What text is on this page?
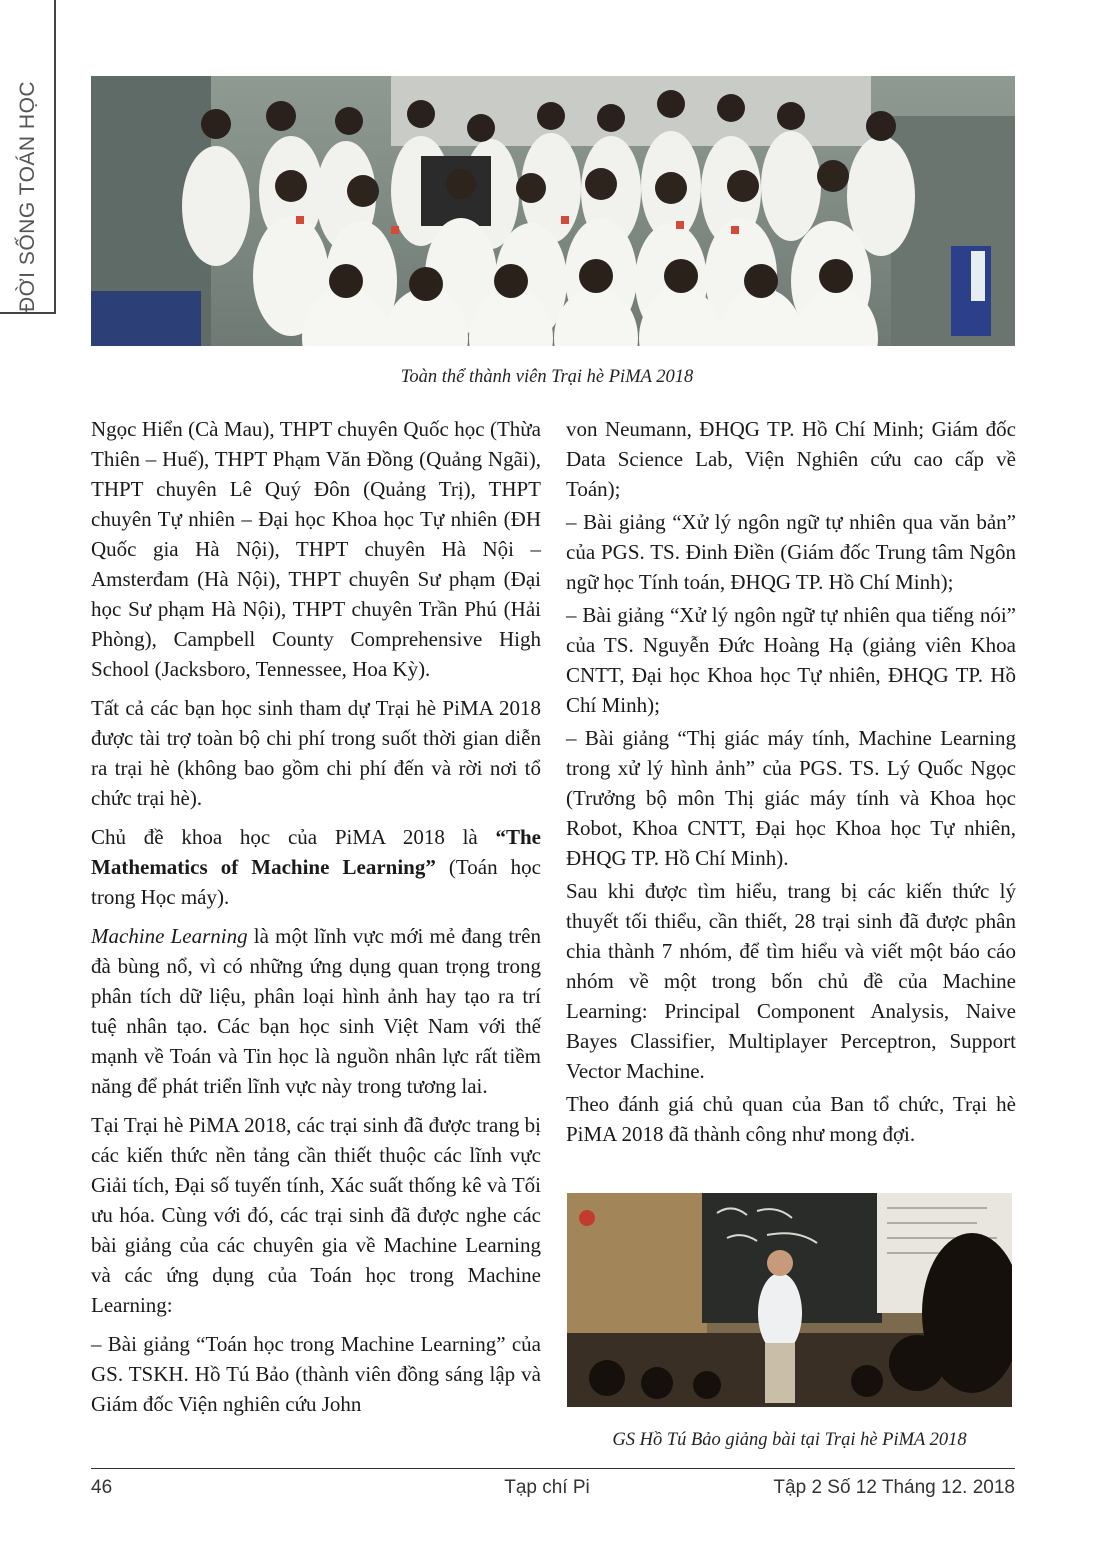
ĐỜI SỐNG TOÁN HỌC
Toàn thể thành viên Trại hè PiMA 2018

Ngọc Hiển (Cà Mau), THPT chuyên Quốc học (Thừa Thiên – Huế), THPT Phạm Văn Đồng (Quảng Ngãi), THPT chuyên Lê Quý Đôn (Quảng Trị), THPT chuyên Tự nhiên – Đại học Khoa học Tự nhiên (ĐH Quốc gia Hà Nội), THPT chuyên Hà Nội – Amsterđam (Hà Nội), THPT chuyên Sư phạm (Đại học Sư phạm Hà Nội), THPT chuyên Trần Phú (Hải Phòng), Campbell County Comprehensive High School (Jacksboro, Tennessee, Hoa Kỳ).

Tất cả các bạn học sinh tham dự Trại hè PiMA 2018 được tài trợ toàn bộ chi phí trong suốt thời gian diễn ra trại hè (không bao gồm chi phí đến và rời nơi tổ chức trại hè).

Chủ đề khoa học của PiMA 2018 là “The Mathematics of Machine Learning” (Toán học trong Học máy).

Machine Learning là một lĩnh vực mới mẻ đang trên đà bùng nổ, vì có những ứng dụng quan trọng trong phân tích dữ liệu, phân loại hình ảnh hay tạo ra trí tuệ nhân tạo. Các bạn học sinh Việt Nam với thế mạnh về Toán và Tin học là nguồn nhân lực rất tiềm năng để phát triển lĩnh vực này trong tương lai.

Tại Trại hè PiMA 2018, các trại sinh đã được trang bị các kiến thức nền tảng cần thiết thuộc các lĩnh vực Giải tích, Đại số tuyến tính, Xác suất thống kê và Tối ưu hóa. Cùng với đó, các trại sinh đã được nghe các bài giảng của các chuyên gia về Machine Learning và các ứng dụng của Toán học trong Machine Learning:

– Bài giảng “Toán học trong Machine Learning” của GS. TSKH. Hồ Tú Bảo (thành viên đồng sáng lập và Giám đốc Viện nghiên cứu John

von Neumann, ĐHQG TP. Hồ Chí Minh; Giám đốc Data Science Lab, Viện Nghiên cứu cao cấp về Toán);

– Bài giảng “Xử lý ngôn ngữ tự nhiên qua văn bản” của PGS. TS. Đinh Điền (Giám đốc Trung tâm Ngôn ngữ học Tính toán, ĐHQG TP. Hồ Chí Minh);

– Bài giảng “Xử lý ngôn ngữ tự nhiên qua tiếng nói” của TS. Nguyễn Đức Hoàng Hạ (giảng viên Khoa CNTT, Đại học Khoa học Tự nhiên, ĐHQG TP. Hồ Chí Minh);

– Bài giảng “Thị giác máy tính, Machine Learning trong xử lý hình ảnh” của PGS. TS. Lý Quốc Ngọc (Trưởng bộ môn Thị giác máy tính và Khoa học Robot, Khoa CNTT, Đại học Khoa học Tự nhiên, ĐHQG TP. Hồ Chí Minh).

Sau khi được tìm hiểu, trang bị các kiến thức lý thuyết tối thiểu, cần thiết, 28 trại sinh đã được phân chia thành 7 nhóm, để tìm hiểu và viết một báo cáo nhóm về một trong bốn chủ đề của Machine Learning: Principal Component Analysis, Naive Bayes Classifier, Multiplayer Perceptron, Support Vector Machine.

Theo đánh giá chủ quan của Ban tổ chức, Trại hè PiMA 2018 đã thành công như mong đợi.

GS Hồ Tú Bảo giảng bài tại Trại hè PiMA 2018
46	Tạp chí Pi	Tập 2 Số 12 Tháng 12. 2018
